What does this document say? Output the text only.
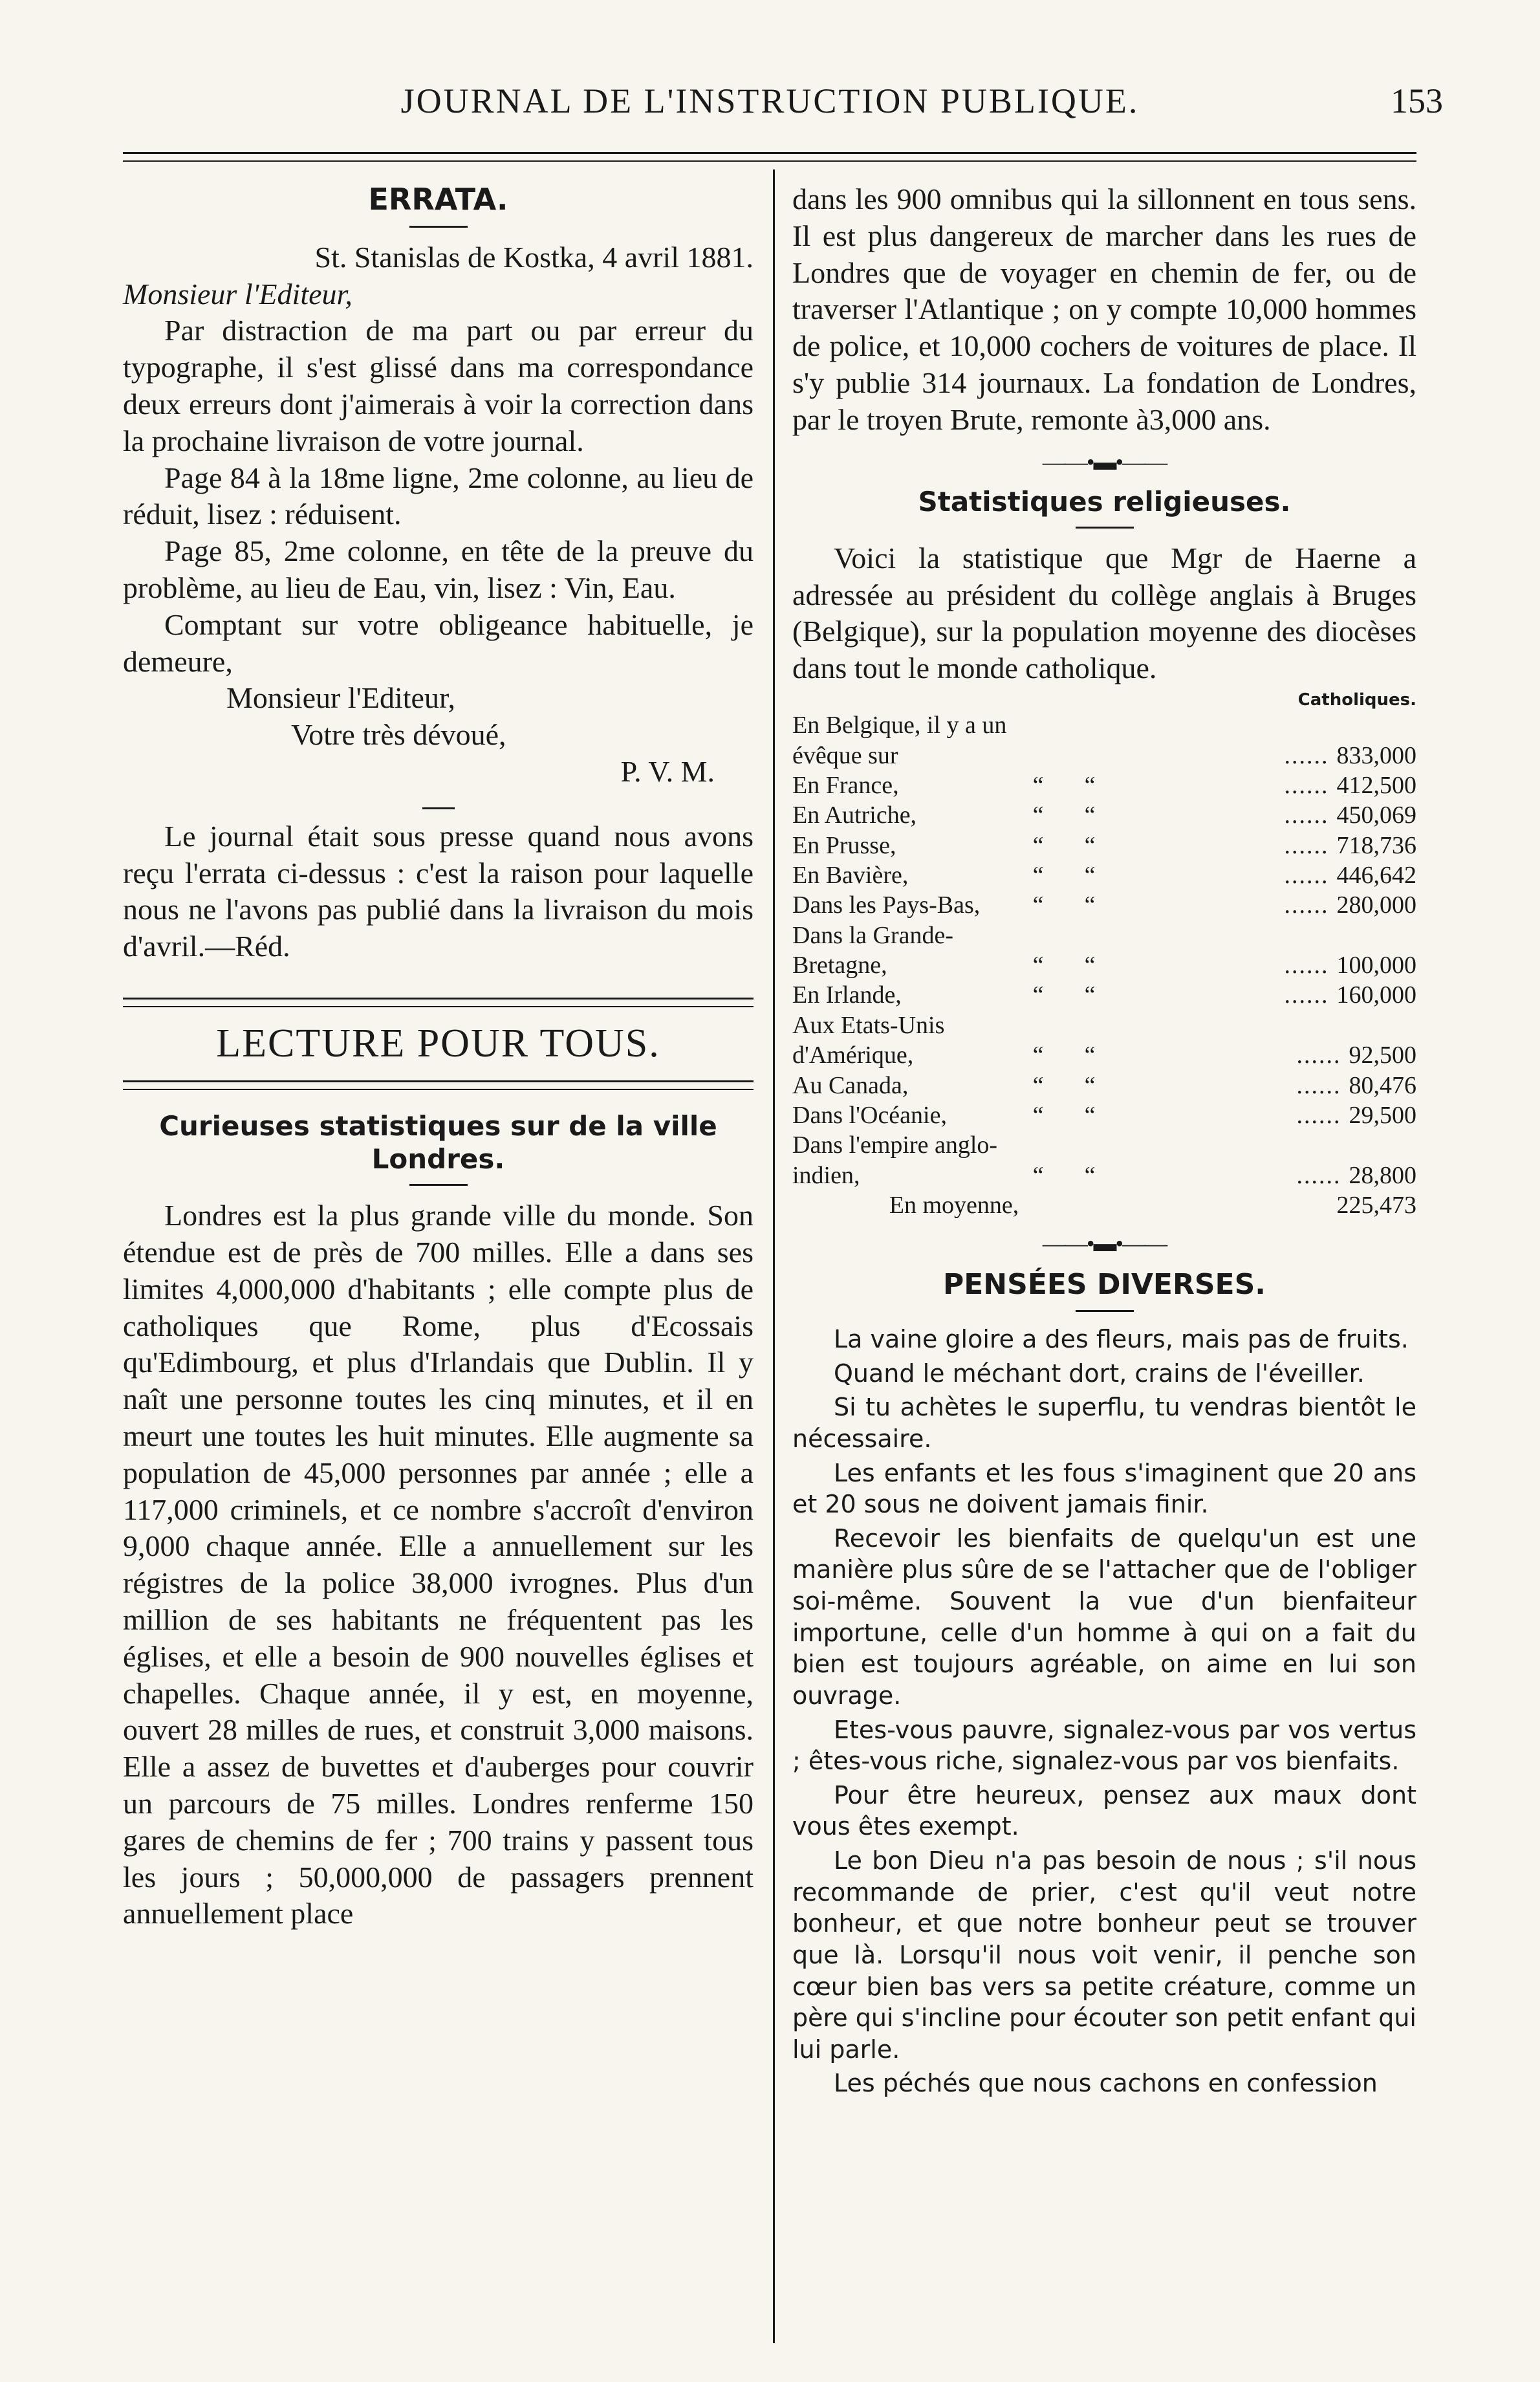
JOURNAL DE L'INSTRUCTION PUBLIQUE.	153
ERRATA.

St. Stanislas de Kostka, 4 avril 1881.

Monsieur l'Editeur,

Par distraction de ma part ou par erreur du typographe, il s'est glissé dans ma correspondance deux erreurs dont j'aimerais à voir la correction dans la prochaine livraison de votre journal.

Page 84 à la 18me ligne, 2me colonne, au lieu de réduit, lisez : réduisent.

Page 85, 2me colonne, en tête de la preuve du problème, au lieu de Eau, vin, lisez : Vin, Eau.

Comptant sur votre obligeance habituelle, je demeure,

Monsieur l'Editeur,

Votre très dévoué,

P. V. M.

Le journal était sous presse quand nous avons reçu l'errata ci-dessus : c'est la raison pour laquelle nous ne l'avons pas publié dans la livraison du mois d'avril.—Réd.

LECTURE POUR TOUS.
Curieuses statistiques sur de la ville Londres.

Londres est la plus grande ville du monde. Son étendue est de près de 700 milles. Elle a dans ses limites 4,000,000 d'habitants ; elle compte plus de catholiques que Rome, plus d'Ecossais qu'Edimbourg, et plus d'Irlandais que Dublin. Il y naît une personne toutes les cinq minutes, et il en meurt une toutes les huit minutes. Elle augmente sa population de 45,000 personnes par année ; elle a 117,000 criminels, et ce nombre s'accroît d'environ 9,000 chaque année. Elle a annuellement sur les régistres de la police 38,000 ivrognes. Plus d'un million de ses habitants ne fréquentent pas les églises, et elle a besoin de 900 nouvelles églises et chapelles. Chaque année, il y est, en moyenne, ouvert 28 milles de rues, et construit 3,000 maisons. Elle a assez de buvettes et d'auberges pour couvrir un parcours de 75 milles. Londres renferme 150 gares de chemins de fer ; 700 trains y passent tous les jours ; 50,000,000 de passagers prennent annuellement place

dans les 900 omnibus qui la sillonnent en tous sens. Il est plus dangereux de marcher dans les rues de Londres que de voyager en chemin de fer, ou de traverser l'Atlantique ; on y compte 10,000 hommes de police, et 10,000 cochers de voitures de place. Il s'y publie 314 journaux. La fondation de Londres, par le troyen Brute, remonte à3,000 ans.

——•▬•——
Statistiques religieuses.

Voici la statistique que Mgr de Haerne a adressée au président du collège anglais à Bruges (Belgique), sur la population moyenne des diocèses dans tout le monde catholique.

Catholiques.
En Belgique, il y a un évêque sur			...... 833,000
En France,	“	“	...... 412,500
En Autriche,	“	“	...... 450,069
En Prusse,	“	“	...... 718,736
En Bavière,	“	“	...... 446,642
Dans les Pays-Bas,	“	“	...... 280,000
Dans la Grande-Bretagne,	“	“	...... 100,000
En Irlande,	“	“	...... 160,000
Aux Etats-Unis d'Amérique,	“	“	...... 92,500
Au Canada,	“	“	...... 80,476
Dans l'Océanie,	“	“	...... 29,500
Dans l'empire anglo-indien,	“	“	...... 28,800
En moyenne,			225,473
——•▬•——
PENSÉES DIVERSES.

La vaine gloire a des fleurs, mais pas de fruits.

Quand le méchant dort, crains de l'éveiller.

Si tu achètes le superflu, tu vendras bientôt le nécessaire.

Les enfants et les fous s'imaginent que 20 ans et 20 sous ne doivent jamais finir.

Recevoir les bienfaits de quelqu'un est une manière plus sûre de se l'attacher que de l'obliger soi-même. Souvent la vue d'un bienfaiteur importune, celle d'un homme à qui on a fait du bien est toujours agréable, on aime en lui son ouvrage.

Etes-vous pauvre, signalez-vous par vos vertus ; êtes-vous riche, signalez-vous par vos bienfaits.

Pour être heureux, pensez aux maux dont vous êtes exempt.

Le bon Dieu n'a pas besoin de nous ; s'il nous recommande de prier, c'est qu'il veut notre bonheur, et que notre bonheur peut se trouver que là. Lorsqu'il nous voit venir, il penche son cœur bien bas vers sa petite créature, comme un père qui s'incline pour écouter son petit enfant qui lui parle.

Les péchés que nous cachons en confession
